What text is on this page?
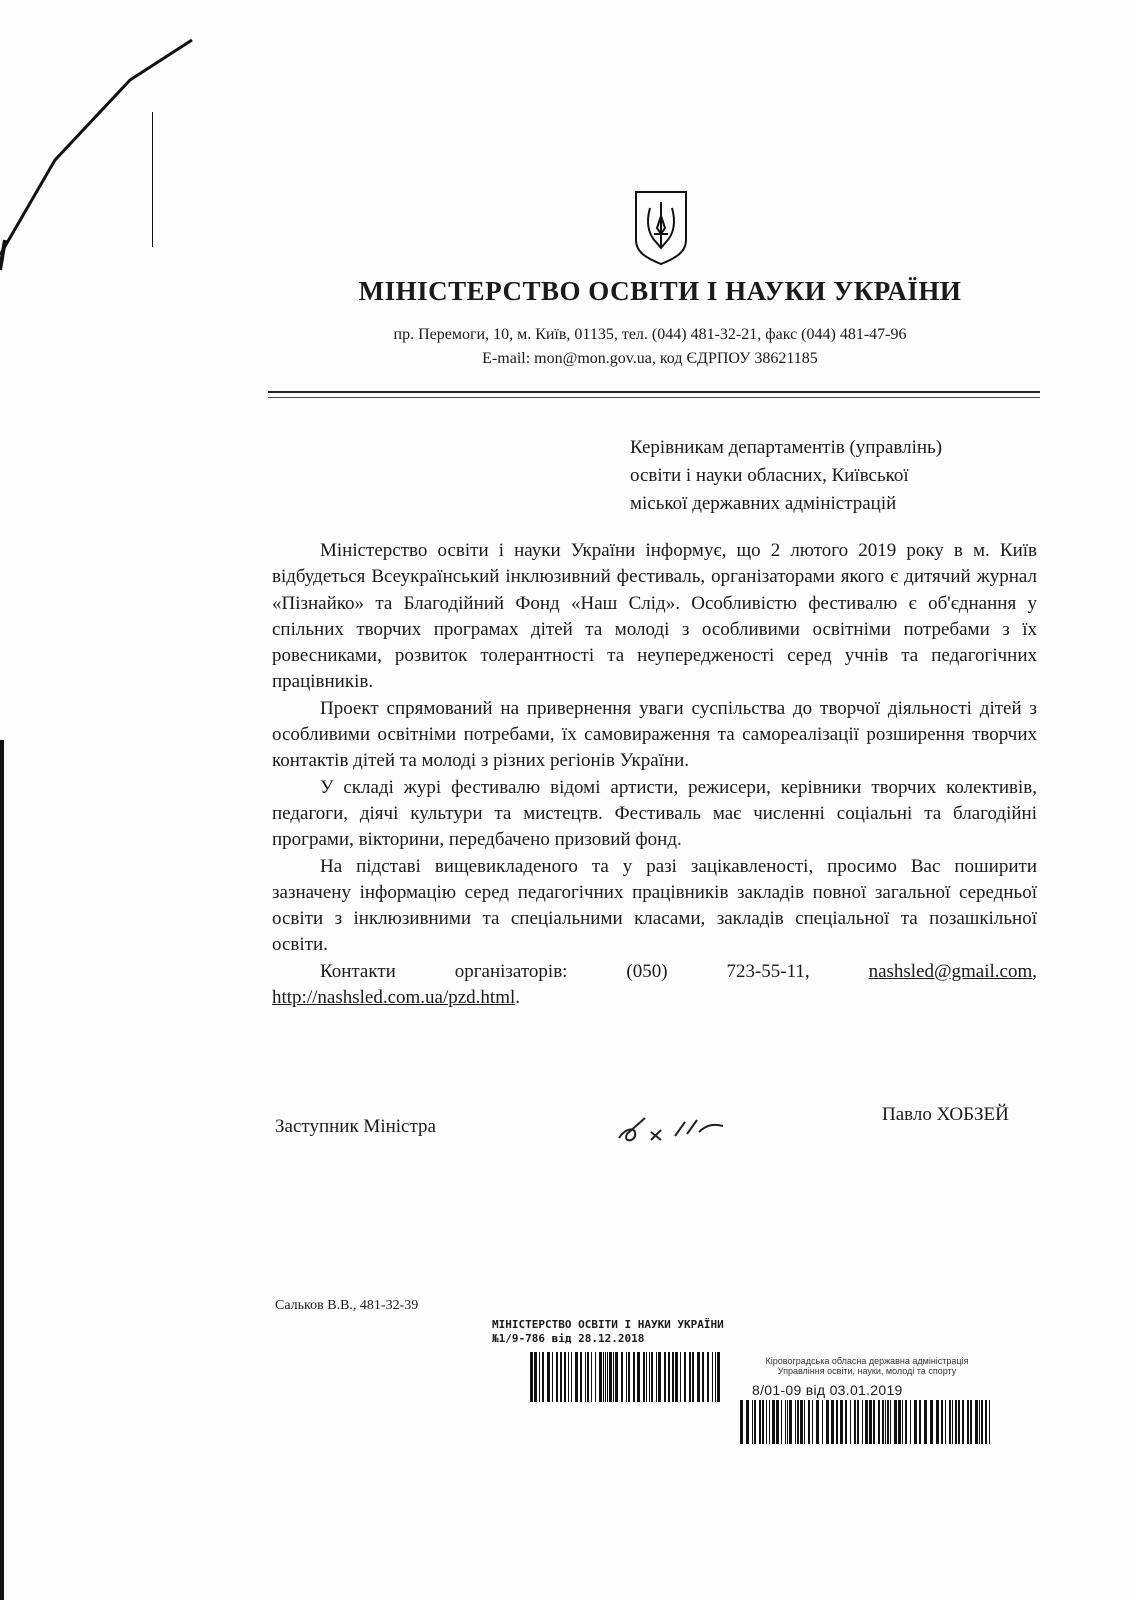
МІНІСТЕРСТВО ОСВІТИ І НАУКИ УКРАЇНИ
пр. Перемоги, 10, м. Київ, 01135, тел. (044) 481-32-21, факс (044) 481-47-96
E-mail: mon@mon.gov.ua, код ЄДРПОУ 38621185
Керівникам департаментів (управлінь)
освіти і науки обласних, Київської
міської державних адміністрацій

Міністерство освіти і науки України інформує, що 2 лютого 2019 року в м. Київ відбудеться Всеукраїнський інклюзивний фестиваль, організаторами якого є дитячий журнал «Пізнайко» та Благодійний Фонд «Наш Слід». Особливістю фестивалю є об'єднання у спільних творчих програмах дітей та молоді з особливими освітніми потребами з їх ровесниками, розвиток толерантності та неупередженості серед учнів та педагогічних працівників.

Проект спрямований на привернення уваги суспільства до творчої діяльності дітей з особливими освітніми потребами, їх самовираження та самореалізації розширення творчих контактів дітей та молоді з різних регіонів України.

У складі журі фестивалю відомі артисти, режисери, керівники творчих колективів, педагоги, діячі культури та мистецтв. Фестиваль має численні соціальні та благодійні програми, вікторини, передбачено призовий фонд.

На підставі вищевикладеного та у разі зацікавленості, просимо Вас поширити зазначену інформацію серед педагогічних працівників закладів повної загальної середньої освіти з інклюзивними та спеціальними класами, закладів спеціальної та позашкільної освіти.

Контакти організаторів: (050) 723-55-11, nashsled@gmail.com, http://nashsled.com.ua/pzd.html.

Заступник Міністра
Павло ХОБЗЕЙ
Сальков В.В., 481-32-39
МІНІСТЕРСТВО ОСВІТИ І НАУКИ УКРАЇНИ
№1/9-786 від 28.12.2018
Кіровоградська обласна державна адміністрація
Управління освіти, науки, молоді та спорту
8/01-09 від 03.01.2019
